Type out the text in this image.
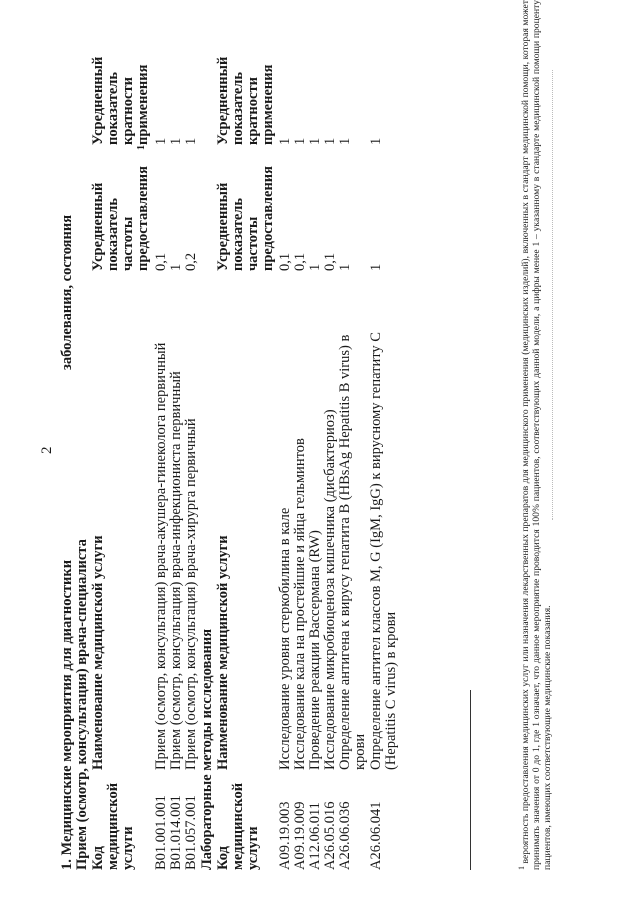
2
1. Медицинские мероприятия для диагностики
заболевания, состояния
Прием (осмотр, консультация) врача-специалиста Код медицинской услуги
Наименование медицинской услуги
Усредненный показатель частоты предоставления
Усредненный показатель кратности применения
1
B01.001.001
Прием (осмотр, консультация) врача-акушера-гинеколога первичный
0,1
1
B01.014.001
Прием (осмотр, консультация) врача-инфекциониста первичный
1
1
B01.057.001
Прием (осмотр, консультация) врача-хирурга первичный
0,2
1
Лабораторные методы исследования Код медицинской услуги
Наименование медицинской услуги
Усредненный показатель частоты предоставления
Усредненный показатель кратности применения
A09.19.003
Исследование уровня стеркобилина в кале
0,1
1
A09.19.009
Исследование кала на простейшие и яйца гельминтов
0,1
1
A12.06.011
Проведение реакции Вассермана (RW)
1
1
A26.05.016
Исследование микробиоценоза кишечника (дисбактериоз)
0,1
1
A26.06.036
Определение антигена к вирусу гепатита B (HBsAg Hepatitis B virus) в крови
1
1
A26.06.041
Определение антител классов M, G (IgM, IgG) к вирусному гепатиту C (Hepatitis C virus) в крови
1
1
$^1$ вероятность предоставления медицинских услуг или назначения лекарственных препаратов для медицинского применения (медицинских изделий), включенных в стандарт медицинской помощи, которая может принимать значения от 0 до 1, где 1 означает, что данное мероприятие проводится 100% пациентов, соответствующих данной модели, а цифры менее 1 – указанному в стандарте медицинской помощи проценту пациентов, имеющих соответствующие медицинские показания.
